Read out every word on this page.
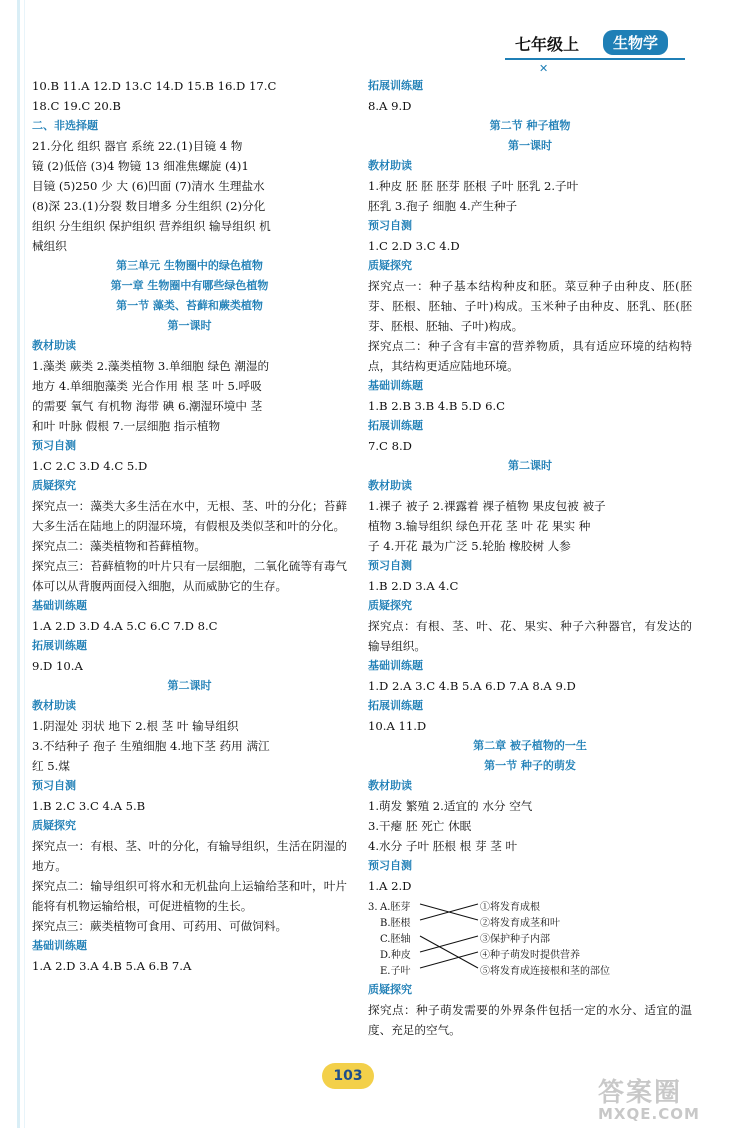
七年级上	生物学
✕
10.B 11.A 12.D 13.C 14.D 15.B 16.D 17.C
18.C 19.C 20.B
二、非选择题
21.分化 组织 器官 系统 22.(1)目镜 4 物
镜 (2)低倍 (3)4 物镜 13 细准焦螺旋 (4)1
目镜 (5)250 少 大 (6)凹面 (7)清水 生理盐水
(8)深 23.(1)分裂 数目增多 分生组织 (2)分化
组织 分生组织 保护组织 营养组织 输导组织 机
械组织
第三单元 生物圈中的绿色植物
第一章 生物圈中有哪些绿色植物
第一节 藻类、苔藓和蕨类植物
第一课时
教材助读
1.藻类 蕨类 2.藻类植物 3.单细胞 绿色 潮湿的
地方 4.单细胞藻类 光合作用 根 茎 叶 5.呼吸
的需要 氧气 有机物 海带 碘 6.潮湿环境中 茎
和叶 叶脉 假根 7.一层细胞 指示植物
预习自测
1.C 2.C 3.D 4.C 5.D
质疑探究
探究点一：藻类大多生活在水中，无根、茎、叶的分化；苔藓大多生活在陆地上的阴湿环境，有假根及类似茎和叶的分化。
探究点二：藻类植物和苔藓植物。
探究点三：苔藓植物的叶片只有一层细胞，二氧化硫等有毒气体可以从背腹两面侵入细胞，从而威胁它的生存。
基础训练题
1.A 2.D 3.D 4.A 5.C 6.C 7.D 8.C
拓展训练题
9.D 10.A
第二课时
教材助读
1.阴湿处 羽状 地下 2.根 茎 叶 输导组织
3.不结种子 孢子 生殖细胞 4.地下茎 药用 满江
红 5.煤
预习自测
1.B 2.C 3.C 4.A 5.B
质疑探究
探究点一：有根、茎、叶的分化，有输导组织，生活在阴湿的地方。
探究点二：输导组织可将水和无机盐向上运输给茎和叶，叶片能将有机物运输给根，可促进植物的生长。
探究点三：蕨类植物可食用、可药用、可做饲料。
基础训练题
1.A 2.D 3.A 4.B 5.A 6.B 7.A
拓展训练题
8.A 9.D
第二节 种子植物
第一课时
教材助读
1.种皮 胚 胚 胚芽 胚根 子叶 胚乳 2.子叶
胚乳 3.孢子 细胞 4.产生种子
预习自测
1.C 2.D 3.C 4.D
质疑探究
探究点一：种子基本结构种皮和胚。菜豆种子由种皮、胚(胚芽、胚根、胚轴、子叶)构成。玉米种子由种皮、胚乳、胚(胚芽、胚根、胚轴、子叶)构成。
探究点二：种子含有丰富的营养物质，具有适应环境的结构特点，其结构更适应陆地环境。
基础训练题
1.B 2.B 3.B 4.B 5.D 6.C
拓展训练题
7.C 8.D
第二课时
教材助读
1.裸子 被子 2.裸露着 裸子植物 果皮包被 被子
植物 3.输导组织 绿色开花 茎 叶 花 果实 种
子 4.开花 最为广泛 5.轮胎 橡胶树 人参
预习自测
1.B 2.D 3.A 4.C
质疑探究
探究点：有根、茎、叶、花、果实、种子六种器官，有发达的输导组织。
基础训练题
1.D 2.A 3.C 4.B 5.A 6.D 7.A 8.A 9.D
拓展训练题
10.A 11.D
第二章 被子植物的一生
第一节 种子的萌发
教材助读
1.萌发 繁殖 2.适宜的 水分 空气
3.干瘪 胚 死亡 休眠
4.水分 子叶 胚根 根 芽 茎 叶
预习自测
1.A 2.D
3. A.胚芽
B.胚根
C.胚轴
D.种皮
E.子叶
①将发育成根
②将发育成茎和叶
③保护种子内部
④种子萌发时提供营养
⑤将发育成连接根和茎的部位
质疑探究
探究点：种子萌发需要的外界条件包括一定的水分、适宜的温度、充足的空气。
103
答案圈
MXQE.COM
